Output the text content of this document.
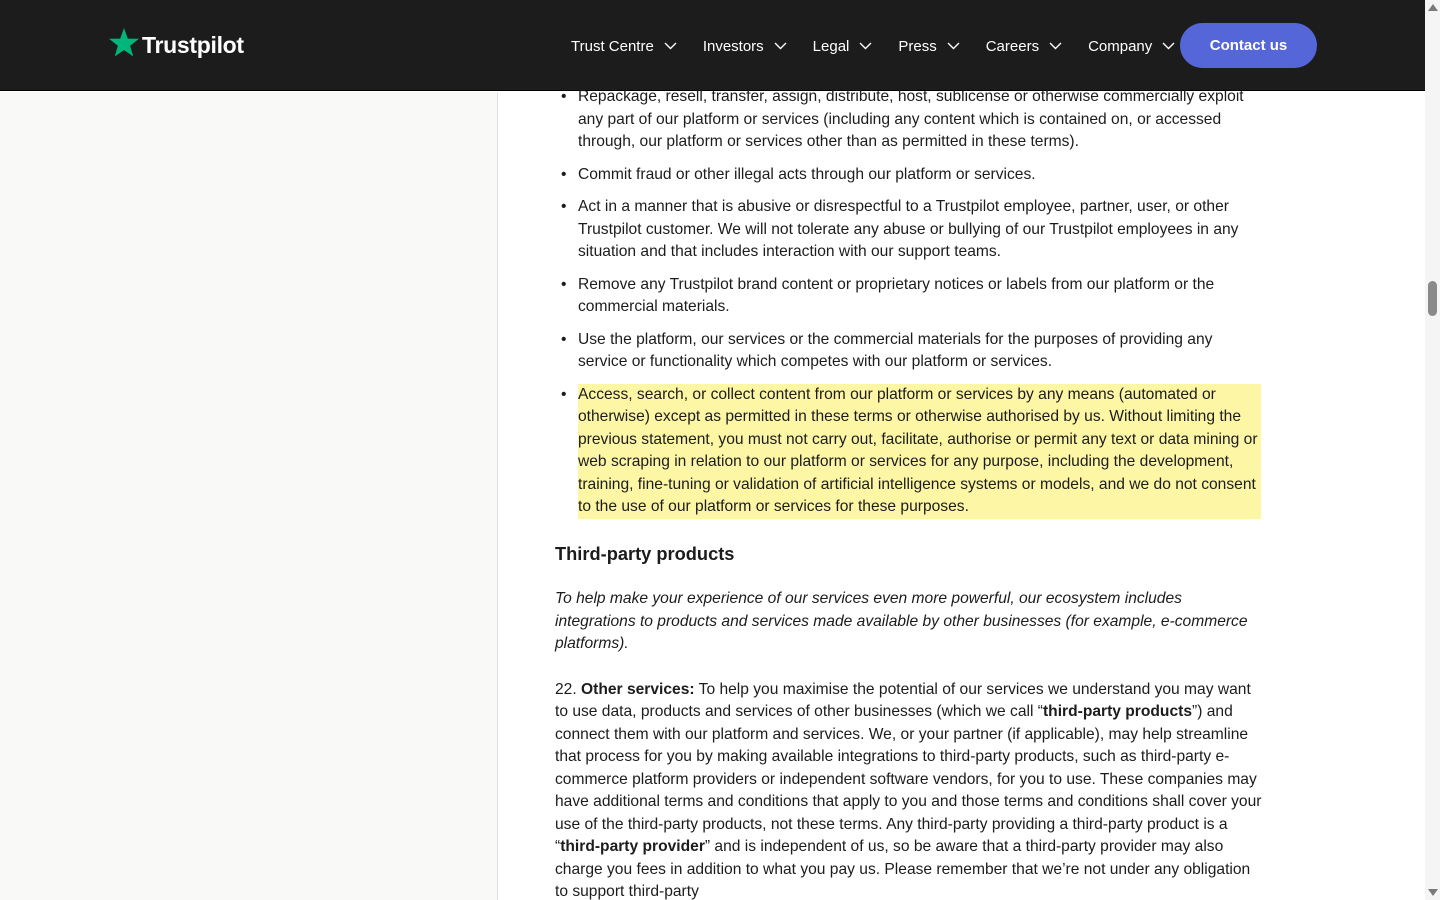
Trustpilot	Trust Centre	Investors	Legal	Press	Careers	Company	Contact us
• Repackage, resell, transfer, assign, distribute, host, sublicense or otherwise commercially exploit any part of our platform or services (including any content which is contained on, or accessed through, our platform or services other than as permitted in these terms).
• Commit fraud or other illegal acts through our platform or services.
• Act in a manner that is abusive or disrespectful to a Trustpilot employee, partner, user, or other Trustpilot customer. We will not tolerate any abuse or bullying of our Trustpilot employees in any situation and that includes interaction with our support teams.
• Remove any Trustpilot brand content or proprietary notices or labels from our platform or the commercial materials.
• Use the platform, our services or the commercial materials for the purposes of providing any service or functionality which competes with our platform or services.
• Access, search, or collect content from our platform or services by any means (automated or otherwise) except as permitted in these terms or otherwise authorised by us. Without limiting the previous statement, you must not carry out, facilitate, authorise or permit any text or data mining or web scraping in relation to our platform or services for any purpose, including the development, training, fine-tuning or validation of artificial intelligence systems or models, and we do not consent to the use of our platform or services for these purposes.
Third-party products

To help make your experience of our services even more powerful, our ecosystem includes integrations to products and services made available by other businesses (for example, e-commerce platforms).

22. Other services: To help you maximise the potential of our services we understand you may want to use data, products and services of other businesses (which we call “third-party products”) and connect them with our platform and services. We, or your partner (if applicable), may help streamline that process for you by making available integrations to third-party products, such as third-party e-commerce platform providers or independent software vendors, for you to use. These companies may have additional terms and conditions that apply to you and those terms and conditions shall cover your use of the third-party products, not these terms. Any third-party providing a third-party product is a “third-party provider” and is independent of us, so be aware that a third-party provider may also charge you fees in addition to what you pay us. Please remember that we’re not under any obligation to support third-party
